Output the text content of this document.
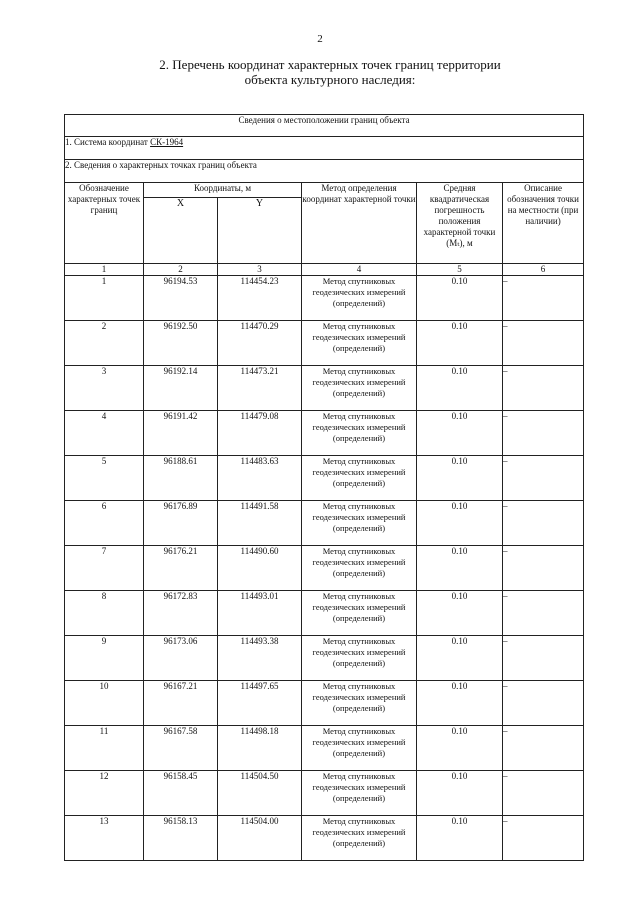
2
2. Перечень координат характерных точек границ территории
объекта культурного наследия:
Сведения о местоположении границ объекта					
1. Система координат СК-1964					
2. Сведения о характерных точках границ объекта					
Обозначение характерных точек границ	Координаты, м		Метод определения координат характерной точки	Средняя квадратическая погрешность положения характерной точки (Mₜ), м	Описание обозначения точки на местности (при наличии)
	X	Y			
1	2	3	4	5	6
1	96194.53	114454.23	Метод спутниковых геодезических измерений (определений)	0.10	–
2	96192.50	114470.29	Метод спутниковых геодезических измерений (определений)	0.10	–
3	96192.14	114473.21	Метод спутниковых геодезических измерений (определений)	0.10	–
4	96191.42	114479.08	Метод спутниковых геодезических измерений (определений)	0.10	–
5	96188.61	114483.63	Метод спутниковых геодезических измерений (определений)	0.10	–
6	96176.89	114491.58	Метод спутниковых геодезических измерений (определений)	0.10	–
7	96176.21	114490.60	Метод спутниковых геодезических измерений (определений)	0.10	–
8	96172.83	114493.01	Метод спутниковых геодезических измерений (определений)	0.10	–
9	96173.06	114493.38	Метод спутниковых геодезических измерений (определений)	0.10	–
10	96167.21	114497.65	Метод спутниковых геодезических измерений (определений)	0.10	–
11	96167.58	114498.18	Метод спутниковых геодезических измерений (определений)	0.10	–
12	96158.45	114504.50	Метод спутниковых геодезических измерений (определений)	0.10	–
13	96158.13	114504.00	Метод спутниковых геодезических измерений (определений)	0.10	–
